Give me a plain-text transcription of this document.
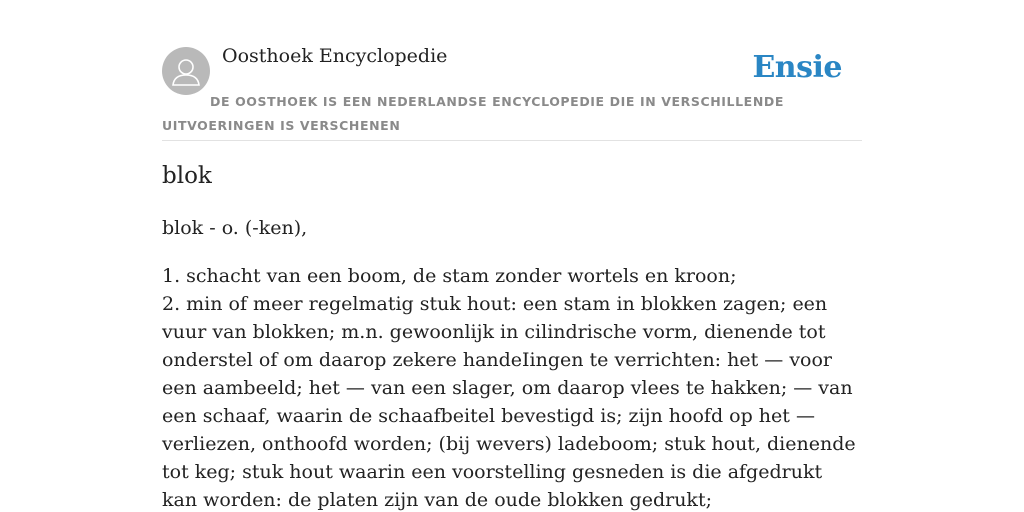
Oosthoek Encyclopedie	Ensie
DE OOSTHOEK IS EEN NEDERLANDSE ENCYCLOPEDIE DIE IN VERSCHILLENDE UITVOERINGEN IS VERSCHENEN
blok
blok - o. (-ken),

1. schacht van een boom, de stam zonder wortels en kroon;

2. min of meer regelmatig stuk hout: een stam in blokken zagen; een vuur van blokken; m.n. gewoonlijk in cilindrische vorm, dienende tot onderstel of om daarop zekere handeIingen te verrichten: het — voor een aambeeld; het — van een slager, om daarop vlees te hakken; — van een schaaf, waarin de schaafbeitel bevestigd is; zijn hoofd op het — verliezen, onthoofd worden; (bij wevers) ladeboom; stuk hout, dienende tot keg; stuk hout waarin een voorstelling gesneden is die afgedrukt kan worden: de platen zijn van de oude blokken gedrukt;
